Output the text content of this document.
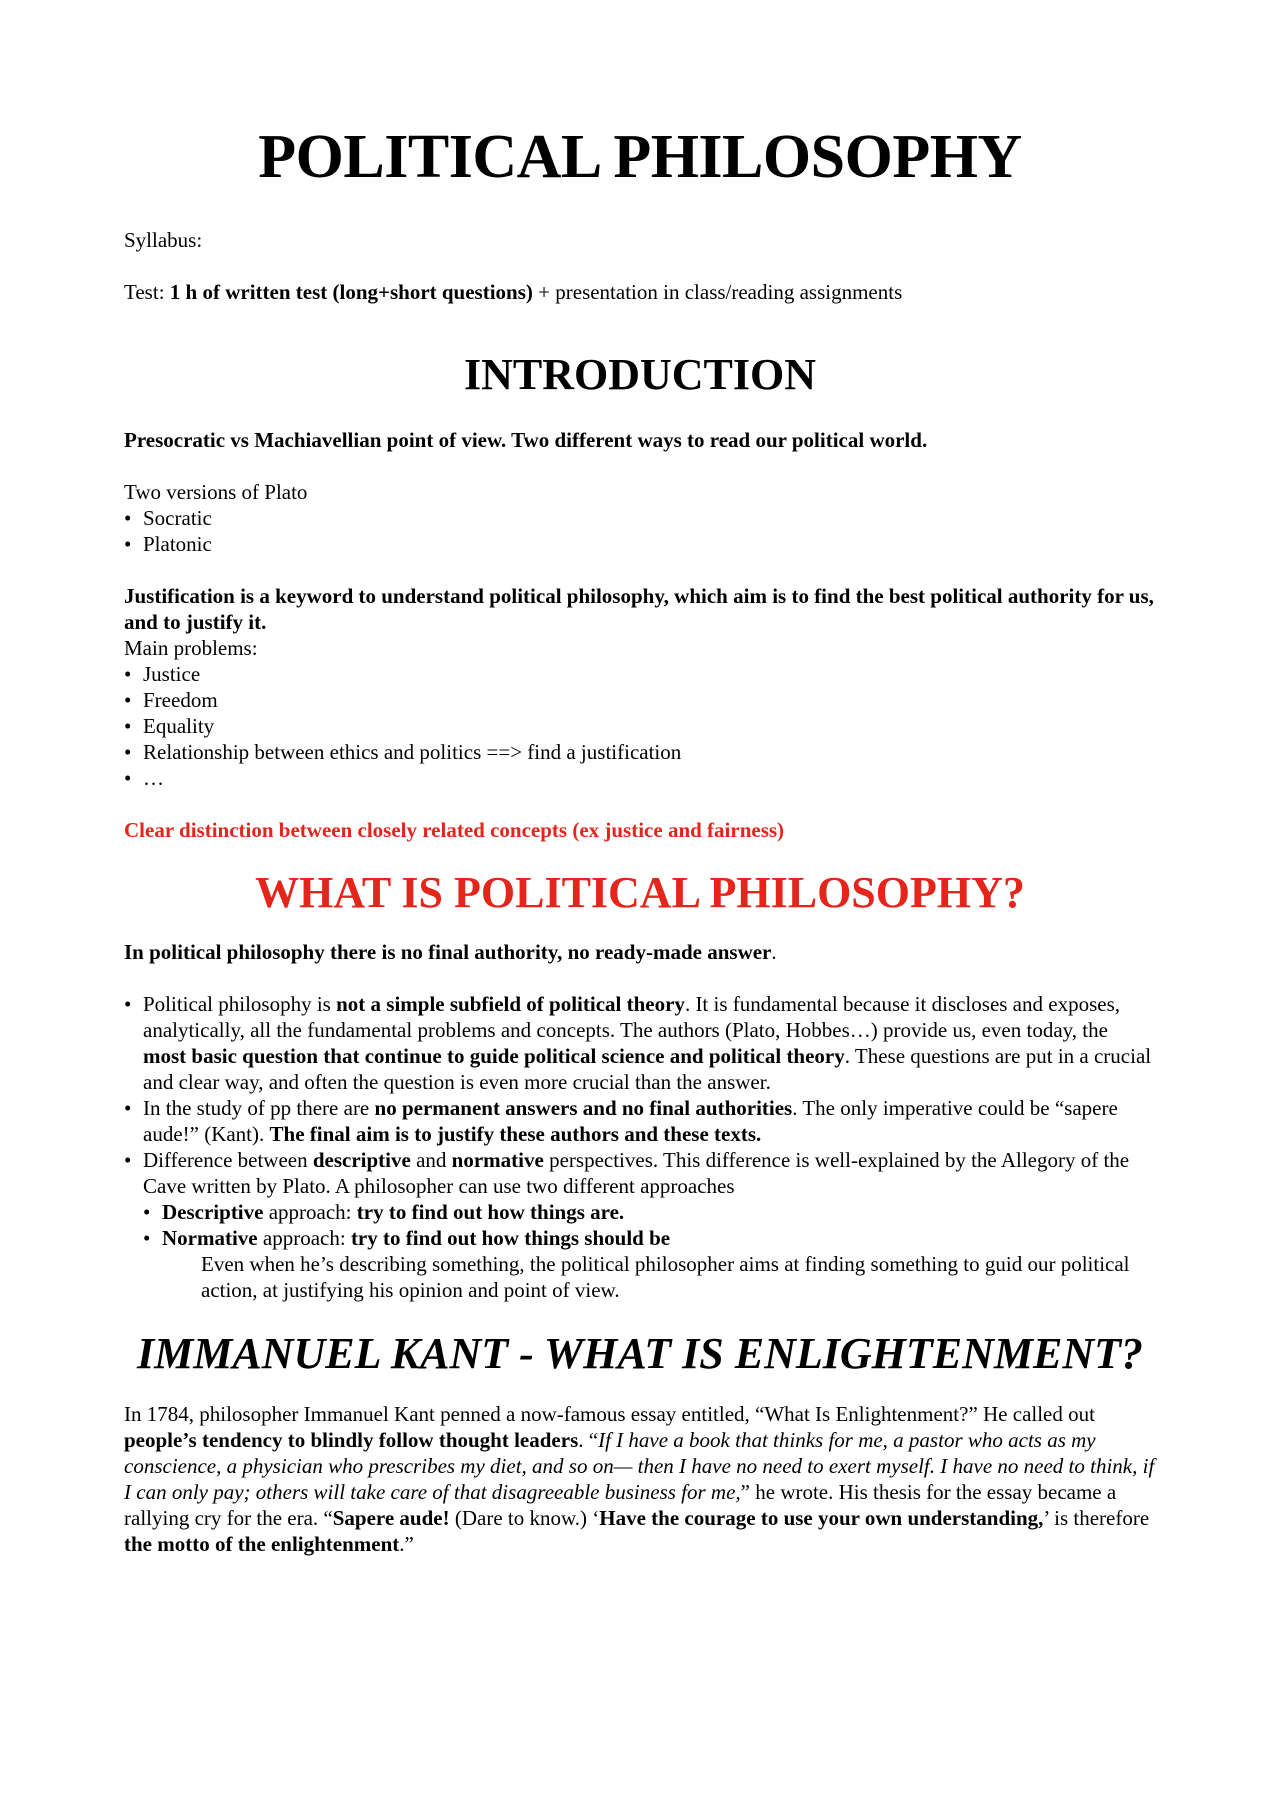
POLITICAL PHILOSOPHY

Syllabus:

Test: 1 h of written test (long+short questions) + presentation in class/reading assignments

INTRODUCTION

Presocratic vs Machiavellian point of view. Two different ways to read our political world.

Two versions of Plato

• Socratic
• Platonic

Justification is a keyword to understand political philosophy, which aim is to find the best political authority for us, and to justify it.

Main problems:

• Justice
• Freedom
• Equality
• Relationship between ethics and politics ==> find a justification
• …

Clear distinction between closely related concepts (ex justice and fairness)

WHAT IS POLITICAL PHILOSOPHY?

In political philosophy there is no final authority, no ready-made answer.

• Political philosophy is not a simple subfield of political theory. It is fundamental because it discloses and exposes, analytically, all the fundamental problems and concepts. The authors (Plato, Hobbes…) provide us, even today, the most basic question that continue to guide political science and political theory. These questions are put in a crucial and clear way, and often the question is even more crucial than the answer.
• In the study of pp there are no permanent answers and no final authorities. The only imperative could be “sapere aude!” (Kant). The final aim is to justify these authors and these texts.
• Difference between descriptive and normative perspectives. This difference is well-explained by the Allegory of the Cave written by Plato. A philosopher can use two different approaches
• Descriptive approach: try to find out how things are.
• Normative approach: try to find out how things should be

Even when he’s describing something, the political philosopher aims at finding something to guid our political action, at justifying his opinion and point of view.

IMMANUEL KANT - WHAT IS ENLIGHTENMENT?

In 1784, philosopher Immanuel Kant penned a now-famous essay entitled, “What Is Enlightenment?” He called out people’s tendency to blindly follow thought leaders. “If I have a book that thinks for me, a pastor who acts as my conscience, a physician who prescribes my diet, and so on— then I have no need to exert myself. I have no need to think, if I can only pay; others will take care of that disagreeable business for me,” he wrote. His thesis for the essay became a rallying cry for the era. “Sapere aude! (Dare to know.) ‘Have the courage to use your own understanding,’ is therefore the motto of the enlightenment.”
